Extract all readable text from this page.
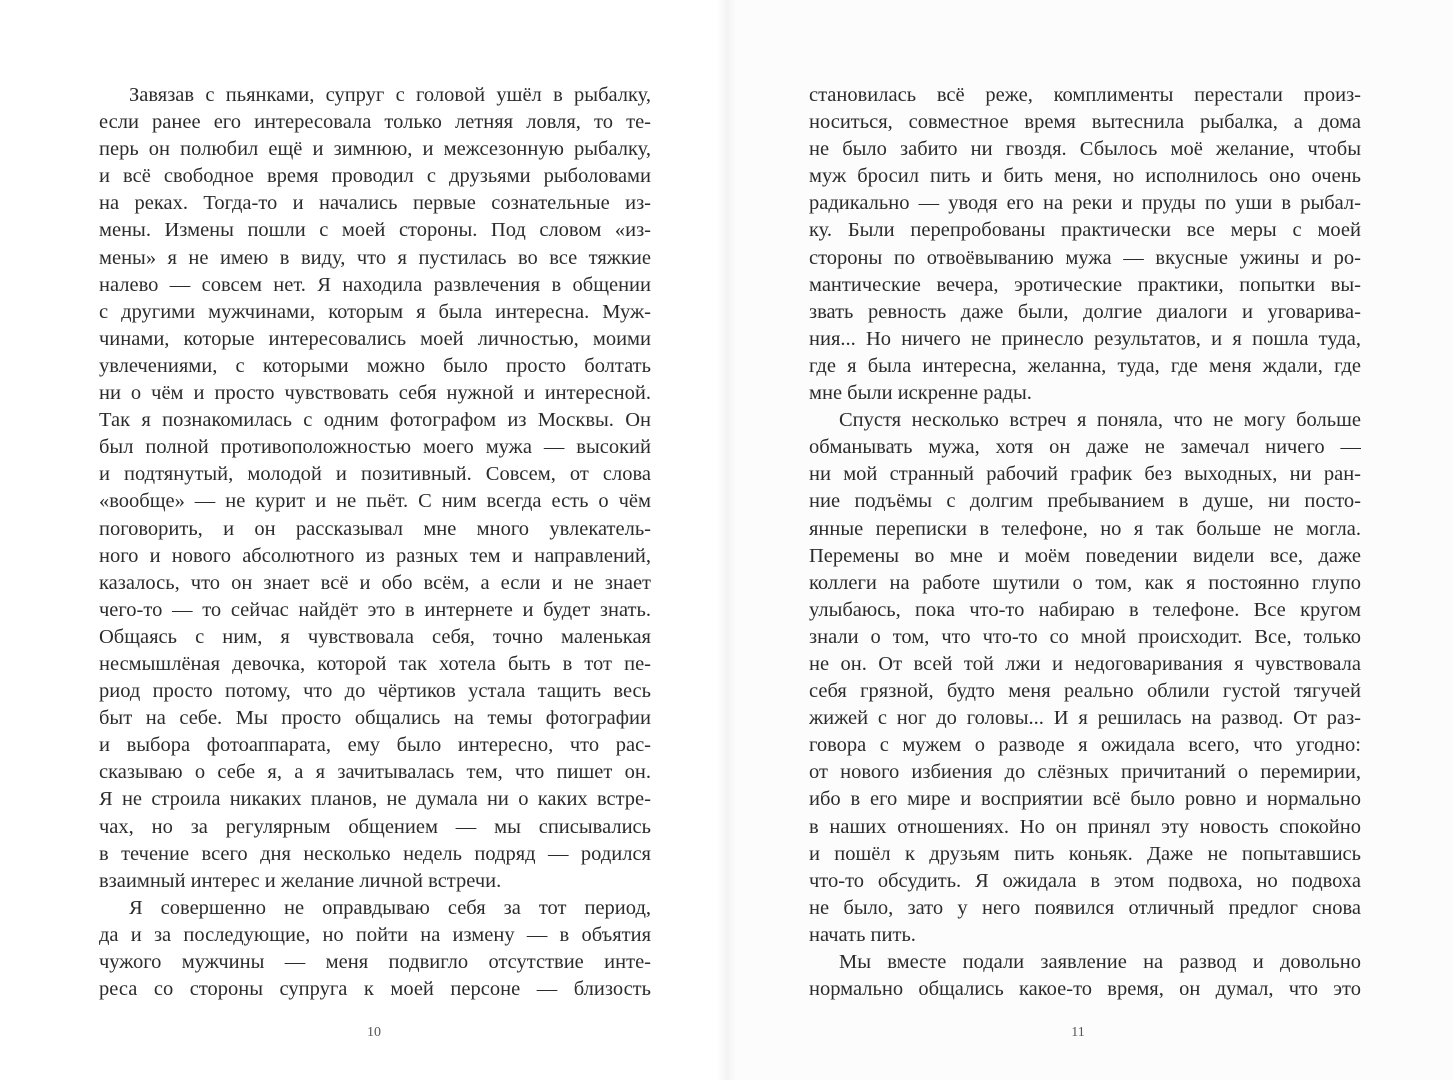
Завязав с пьянками, супруг с головой ушёл в рыбалку,
если ранее его интересовала только летняя ловля, то те-
перь он полюбил ещё и зимнюю, и межсезонную рыбалку,
и всё свободное время проводил с друзьями рыболовами
на реках. Тогда-то и начались первые сознательные из-
мены. Измены пошли с моей стороны. Под словом «из-
мены» я не имею в виду, что я пустилась во все тяжкие
налево — совсем нет. Я находила развлечения в общении
с другими мужчинами, которым я была интересна. Муж-
чинами, которые интересовались моей личностью, моими
увлечениями, с которыми можно было просто болтать
ни о чём и просто чувствовать себя нужной и интересной.
Так я познакомилась с одним фотографом из Москвы. Он
был полной противоположностью моего мужа — высокий
и подтянутый, молодой и позитивный. Совсем, от слова
«вообще» — не курит и не пьёт. С ним всегда есть о чём
поговорить, и он рассказывал мне много увлекатель-
ного и нового абсолютного из разных тем и направлений,
казалось, что он знает всё и обо всём, а если и не знает
чего-то — то сейчас найдёт это в интернете и будет знать.
Общаясь с ним, я чувствовала себя, точно маленькая
несмышлёная девочка, которой так хотела быть в тот пе-
риод просто потому, что до чёртиков устала тащить весь
быт на себе. Мы просто общались на темы фотографии
и выбора фотоаппарата, ему было интересно, что рас-
сказываю о себе я, а я зачитывалась тем, что пишет он.
Я не строила никаких планов, не думала ни о каких встре-
чах, но за регулярным общением — мы списывались
в течение всего дня несколько недель подряд — родился
взаимный интерес и желание личной встречи.
Я совершенно не оправдываю себя за тот период,
да и за последующие, но пойти на измену — в объятия
чужого мужчины — меня подвигло отсутствие инте-
реса со стороны супруга к моей персоне — близость
10
становилась всё реже, комплименты перестали произ-
носиться, совместное время вытеснила рыбалка, а дома
не было забито ни гвоздя. Сбылось моё желание, чтобы
муж бросил пить и бить меня, но исполнилось оно очень
радикально — уводя его на реки и пруды по уши в рыбал-
ку. Были перепробованы практически все меры с моей
стороны по отвоёвыванию мужа — вкусные ужины и ро-
мантические вечера, эротические практики, попытки вы-
звать ревность даже были, долгие диалоги и уговарива-
ния... Но ничего не принесло результатов, и я пошла туда,
где я была интересна, желанна, туда, где меня ждали, где
мне были искренне рады.
Спустя несколько встреч я поняла, что не могу больше
обманывать мужа, хотя он даже не замечал ничего —
ни мой странный рабочий график без выходных, ни ран-
ние подъёмы с долгим пребыванием в душе, ни посто-
янные переписки в телефоне, но я так больше не могла.
Перемены во мне и моём поведении видели все, даже
коллеги на работе шутили о том, как я постоянно глупо
улыбаюсь, пока что-то набираю в телефоне. Все кругом
знали о том, что что-то со мной происходит. Все, только
не он. От всей той лжи и недоговаривания я чувствовала
себя грязной, будто меня реально облили густой тягучей
жижей с ног до головы... И я решилась на развод. От раз-
говора с мужем о разводе я ожидала всего, что угодно:
от нового избиения до слёзных причитаний о перемирии,
ибо в его мире и восприятии всё было ровно и нормально
в наших отношениях. Но он принял эту новость спокойно
и пошёл к друзьям пить коньяк. Даже не попытавшись
что-то обсудить. Я ожидала в этом подвоха, но подвоха
не было, зато у него появился отличный предлог снова
начать пить.
Мы вместе подали заявление на развод и довольно
нормально общались какое-то время, он думал, что это
11
